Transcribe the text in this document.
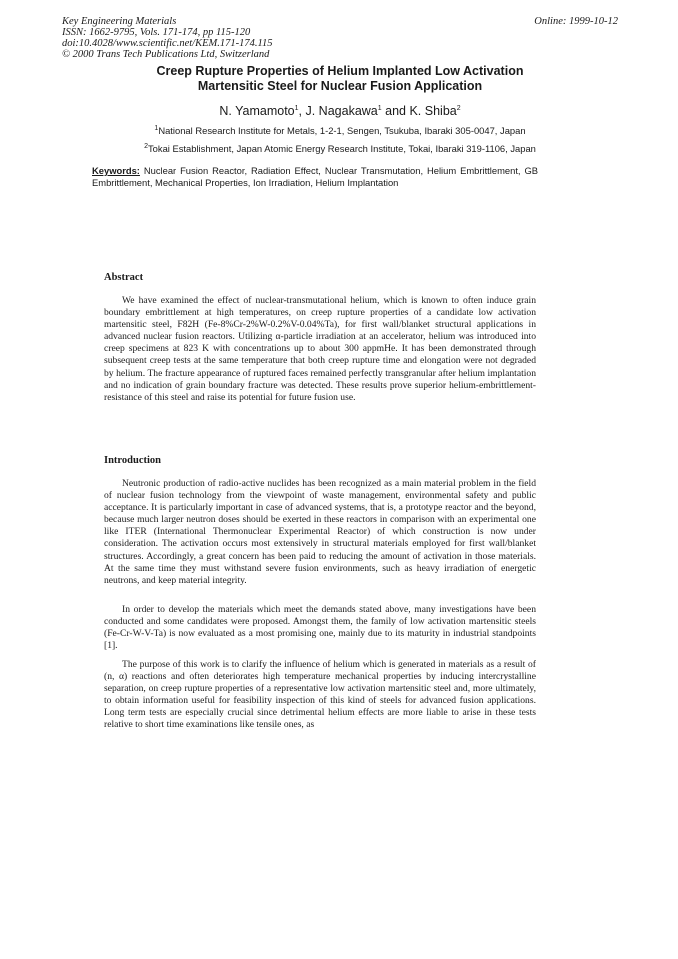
Key Engineering Materials
ISSN: 1662-9795, Vols. 171-174, pp 115-120
doi:10.4028/www.scientific.net/KEM.171-174.115
© 2000 Trans Tech Publications Ltd, Switzerland
Online: 1999-10-12
Creep Rupture Properties of Helium Implanted Low Activation
Martensitic Steel for Nuclear Fusion Application
N. Yamamoto$^1$, J. Nagakawa$^1$ and K. Shiba$^2$
$^1$National Research Institute for Metals, 1-2-1, Sengen, Tsukuba, Ibaraki 305-0047, Japan
$^2$Tokai Establishment, Japan Atomic Energy Research Institute, Tokai, Ibaraki 319-1106, Japan
Keywords: Nuclear Fusion Reactor, Radiation Effect, Nuclear Transmutation, Helium Embrittlement, GB Embrittlement, Mechanical Properties, Ion Irradiation, Helium Implantation
Abstract
We have examined the effect of nuclear-transmutational helium, which is known to often induce grain boundary embrittlement at high temperatures, on creep rupture properties of a candidate low activation martensitic steel, F82H (Fe-8%Cr-2%W-0.2%V-0.04%Ta), for first wall/blanket structural applications in advanced nuclear fusion reactors. Utilizing α-particle irradiation at an accelerator, helium was introduced into creep specimens at 823 K with concentrations up to about 300 appmHe. It has been demonstrated through subsequent creep tests at the same temperature that both creep rupture time and elongation were not degraded by helium. The fracture appearance of ruptured faces remained perfectly transgranular after helium implantation and no indication of grain boundary fracture was detected. These results prove superior helium-embrittlement-resistance of this steel and raise its potential for future fusion use.
Introduction
Neutronic production of radio-active nuclides has been recognized as a main material problem in the field of nuclear fusion technology from the viewpoint of waste management, environmental safety and public acceptance. It is particularly important in case of advanced systems, that is, a prototype reactor and the beyond, because much larger neutron doses should be exerted in these reactors in comparison with an experimental one like ITER (International Thermonuclear Experimental Reactor) of which construction is now under consideration. The activation occurs most extensively in structural materials employed for first wall/blanket structures. Accordingly, a great concern has been paid to reducing the amount of activation in those materials. At the same time they must withstand severe fusion environments, such as heavy irradiation of energetic neutrons, and keep material integrity.
In order to develop the materials which meet the demands stated above, many investigations have been conducted and some candidates were proposed. Amongst them, the family of low activation martensitic steels (Fe-Cr-W-V-Ta) is now evaluated as a most promising one, mainly due to its maturity in industrial standpoints [1].
The purpose of this work is to clarify the influence of helium which is generated in materials as a result of (n, α) reactions and often deteriorates high temperature mechanical properties by inducing intercrystalline separation, on creep rupture properties of a representative low activation martensitic steel and, more ultimately, to obtain information useful for feasibility inspection of this kind of steels for advanced fusion applications. Long term tests are especially crucial since detrimental helium effects are more liable to arise in these tests relative to short time examinations like tensile ones, as
